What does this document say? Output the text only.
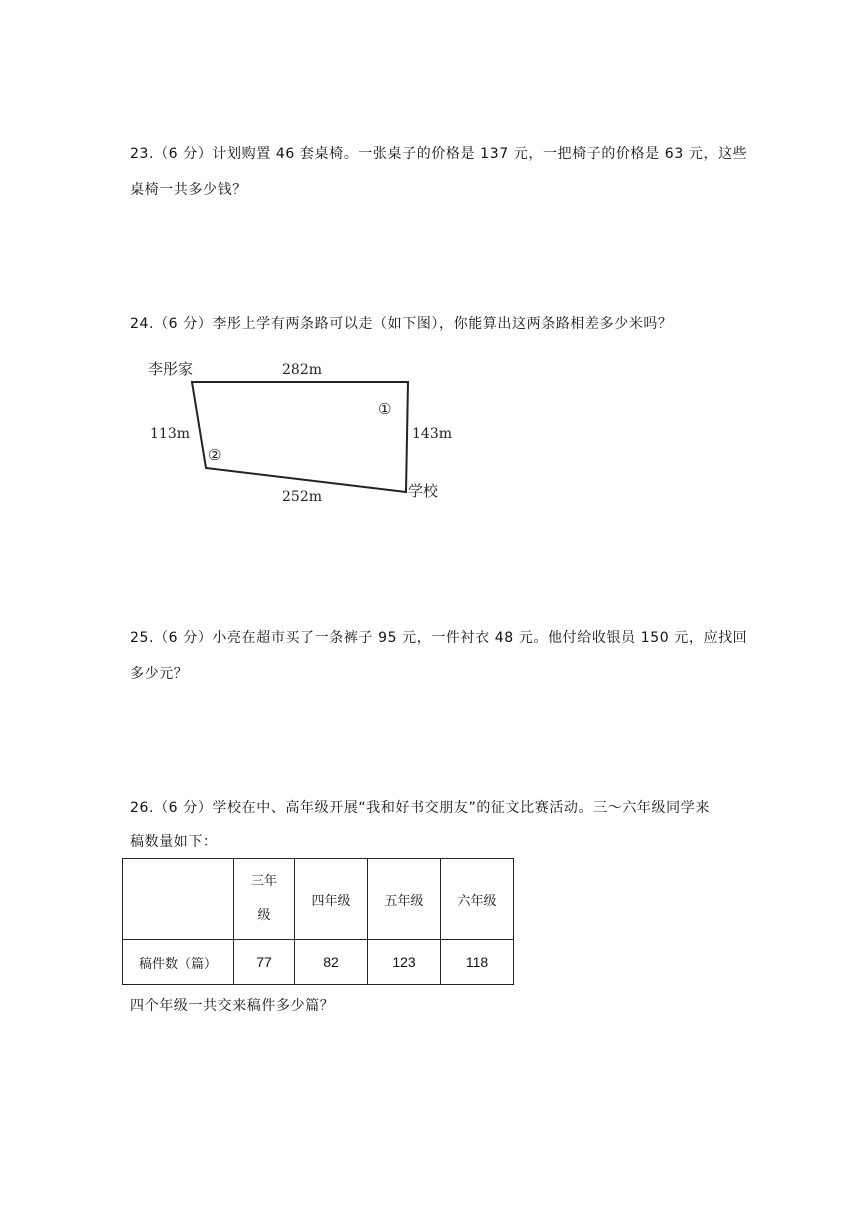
23.（6 分）计划购置 46 套桌椅。一张桌子的价格是 137 元，一把椅子的价格是 63 元，这些
桌椅一共多少钱？
24.（6 分）李彤上学有两条路可以走（如下图），你能算出这两条路相差多少米吗？
李彤家	282m
113m	143m
252m	学校
①
②
25.（6 分）小亮在超市买了一条裤子 95 元，一件衬衣 48 元。他付给收银员 150 元，应找回
多少元？
26.（6 分）学校在中、高年级开展“我和好书交朋友”的征文比赛活动。三～六年级同学来
稿数量如下：
	三年级	四年级	五年级	六年级
稿件数（篇）	77	82	123	118
四个年级一共交来稿件多少篇？
